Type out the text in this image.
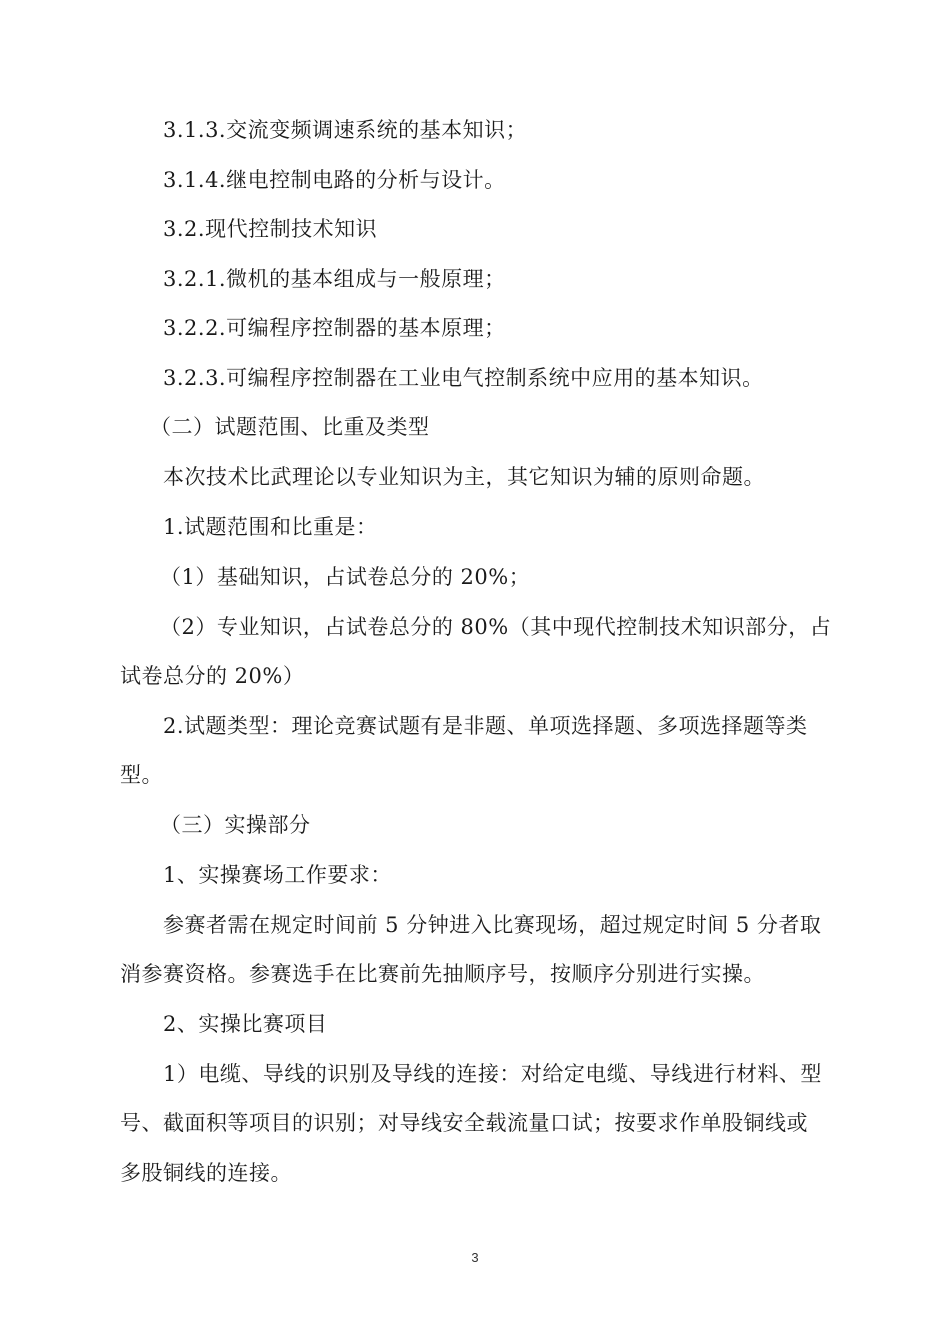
3.1.3.交流变频调速系统的基本知识；
3.1.4.继电控制电路的分析与设计。
3.2.现代控制技术知识
3.2.1.微机的基本组成与一般原理；
3.2.2.可编程序控制器的基本原理；
3.2.3.可编程序控制器在工业电气控制系统中应用的基本知识。
（二）试题范围、比重及类型
本次技术比武理论以专业知识为主，其它知识为辅的原则命题。
1.试题范围和比重是：
（1）基础知识，占试卷总分的 20%；
（2）专业知识，占试卷总分的 80%（其中现代控制技术知识部分，占
试卷总分的 20%）
2.试题类型：理论竞赛试题有是非题、单项选择题、多项选择题等类
型。
（三）实操部分
1、实操赛场工作要求：
参赛者需在规定时间前 5 分钟进入比赛现场，超过规定时间 5 分者取
消参赛资格。参赛选手在比赛前先抽顺序号，按顺序分别进行实操。
2、实操比赛项目
1）电缆、导线的识别及导线的连接：对给定电缆、导线进行材料、型
号、截面积等项目的识别；对导线安全载流量口试；按要求作单股铜线或
多股铜线的连接。
3
